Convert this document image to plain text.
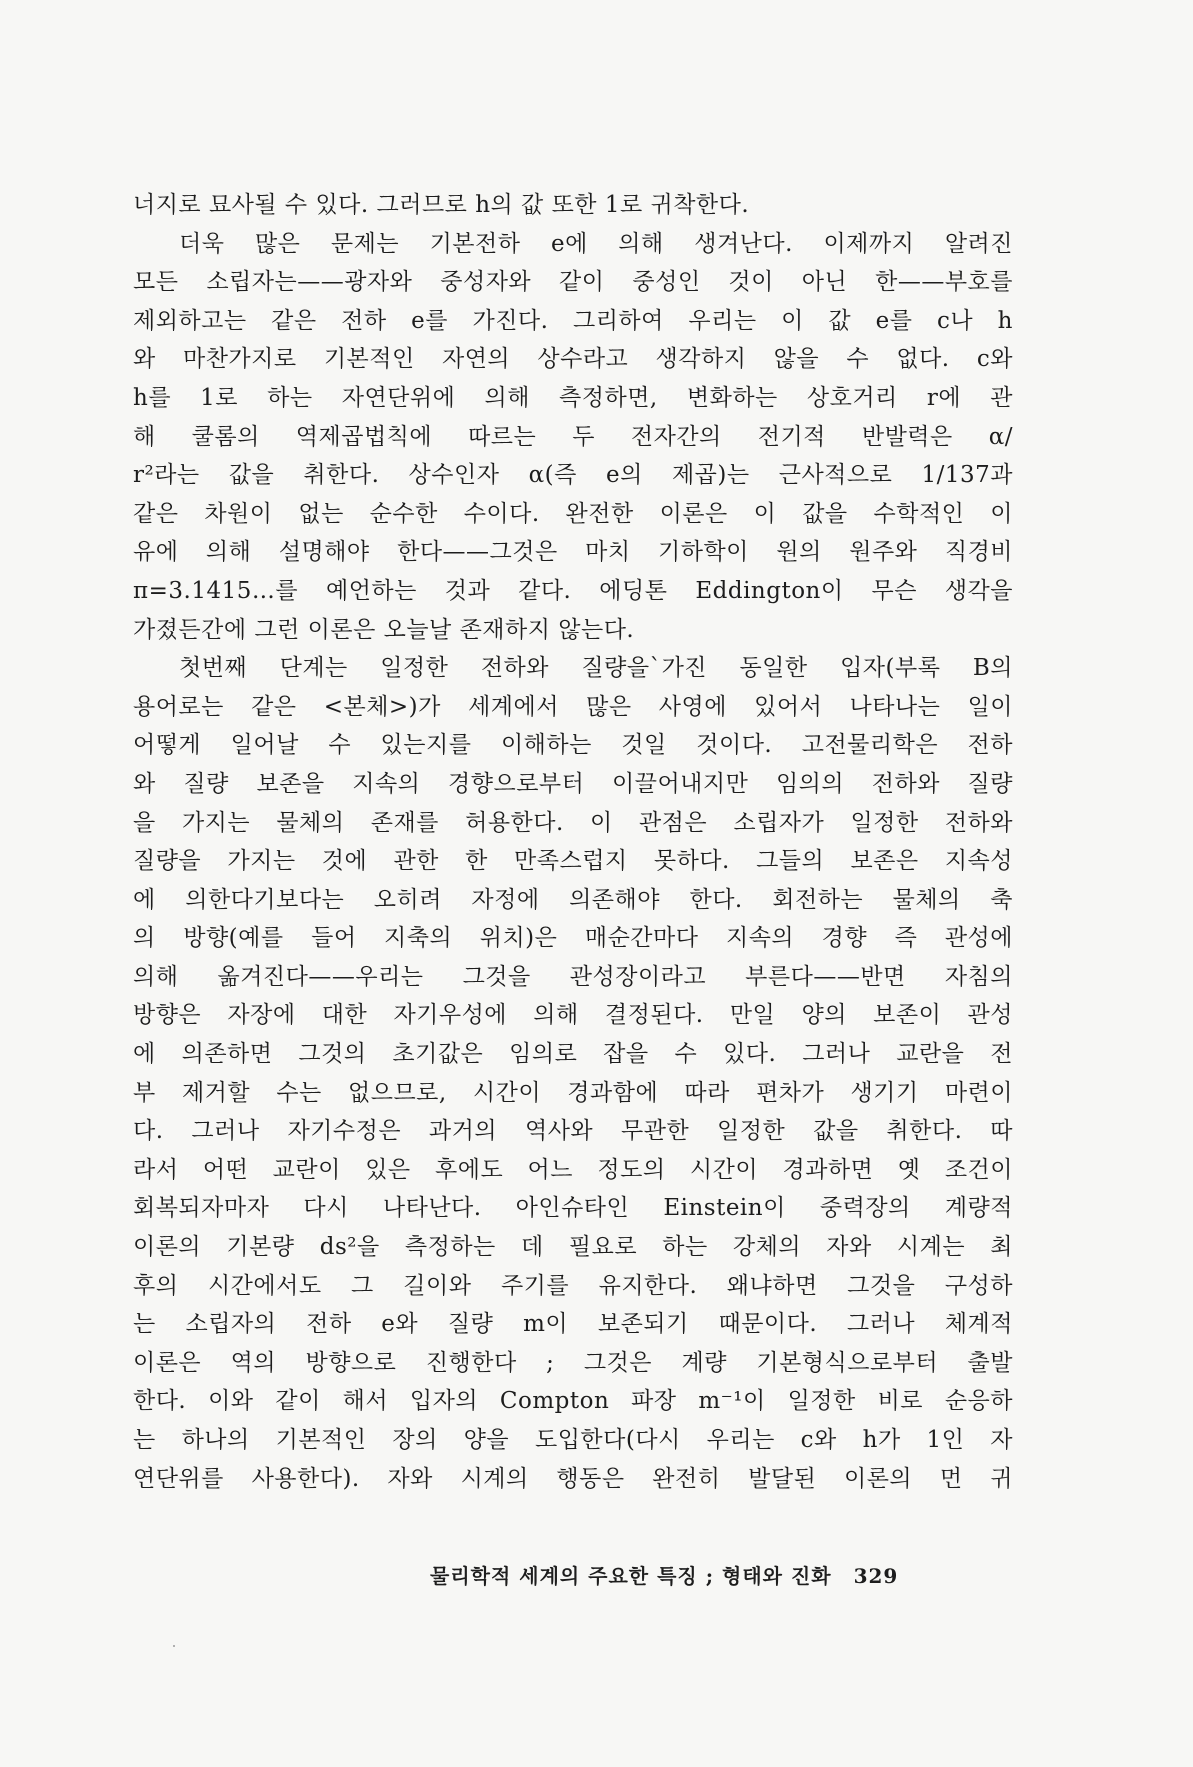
너지로 묘사될 수 있다. 그러므로 h의 값 또한 1로 귀착한다.
더욱 많은 문제는 기본전하 e에 의해 생겨난다. 이제까지 알려진
모든 소립자는——광자와 중성자와 같이 중성인 것이 아닌 한——부호를
제외하고는 같은 전하 e를 가진다. 그리하여 우리는 이 값 e를 c나 h
와 마찬가지로 기본적인 자연의 상수라고 생각하지 않을 수 없다. c와
h를 1로 하는 자연단위에 의해 측정하면, 변화하는 상호거리 r에 관
해 쿨롬의 역제곱법칙에 따르는 두 전자간의 전기적 반발력은 α/
r²라는 값을 취한다. 상수인자 α(즉 e의 제곱)는 근사적으로 1/137과
같은 차원이 없는 순수한 수이다. 완전한 이론은 이 값을 수학적인 이
유에 의해 설명해야 한다——그것은 마치 기하학이 원의 원주와 직경비
π=3.1415…를 예언하는 것과 같다. 에딩톤 Eddington이 무슨 생각을
가졌든간에 그런 이론은 오늘날 존재하지 않는다.
첫번째 단계는 일정한 전하와 질량을`가진 동일한 입자(부록 B의
용어로는 같은 <본체>)가 세계에서 많은 사영에 있어서 나타나는 일이
어떻게 일어날 수 있는지를 이해하는 것일 것이다. 고전물리학은 전하
와 질량 보존을 지속의 경향으로부터 이끌어내지만 임의의 전하와 질량
을 가지는 물체의 존재를 허용한다. 이 관점은 소립자가 일정한 전하와
질량을 가지는 것에 관한 한 만족스럽지 못하다. 그들의 보존은 지속성
에 의한다기보다는 오히려 자정에 의존해야 한다. 회전하는 물체의 축
의 방향(예를 들어 지축의 위치)은 매순간마다 지속의 경향 즉 관성에
의해 옮겨진다——우리는 그것을 관성장이라고 부른다——반면 자침의
방향은 자장에 대한 자기우성에 의해 결정된다. 만일 양의 보존이 관성
에 의존하면 그것의 초기값은 임의로 잡을 수 있다. 그러나 교란을 전
부 제거할 수는 없으므로, 시간이 경과함에 따라 편차가 생기기 마련이
다. 그러나 자기수정은 과거의 역사와 무관한 일정한 값을 취한다. 따
라서 어떤 교란이 있은 후에도 어느 정도의 시간이 경과하면 옛 조건이
회복되자마자 다시 나타난다. 아인슈타인 Einstein이 중력장의 계량적
이론의 기본량 ds²을 측정하는 데 필요로 하는 강체의 자와 시계는 최
후의 시간에서도 그 길이와 주기를 유지한다. 왜냐하면 그것을 구성하
는 소립자의 전하 e와 질량 m이 보존되기 때문이다. 그러나 체계적
이론은 역의 방향으로 진행한다 ; 그것은 계량 기본형식으로부터 출발
한다. 이와 같이 해서 입자의 Compton 파장 m⁻¹이 일정한 비로 순응하
는 하나의 기본적인 장의 양을 도입한다(다시 우리는 c와 h가 1인 자
연단위를 사용한다). 자와 시계의 행동은 완전히 발달된 이론의 먼 귀
물리학적 세계의 주요한 특징 ; 형태와 진화 329
